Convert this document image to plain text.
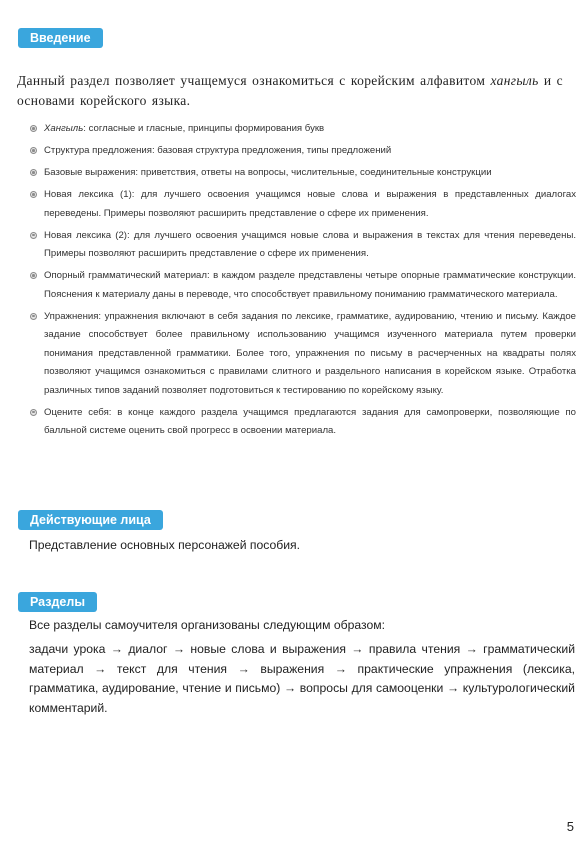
Введение

Данный раздел позволяет учащемуся ознакомиться с корейским алфавитом хангыль и с основами корейского языка.

Хангыль: согласные и гласные, принципы формирования букв
Структура предложения: базовая структура предложения, типы предложений
Базовые выражения: приветствия, ответы на вопросы, числительные, соединительные конструкции
Новая лексика (1): для лучшего освоения учащимся новые слова и выражения в представленных диалогах переведены. Примеры позволяют расширить представление о сфере их применения.
Новая лексика (2): для лучшего освоения учащимся новые слова и выражения в текстах для чтения переведены. Примеры позволяют расширить представление о сфере их применения.
Опорный грамматический материал: в каждом разделе представлены четыре опорные грамматические конструкции. Пояснения к материалу даны в переводе, что способствует правильному пониманию грамматического материала.
Упражнения: упражнения включают в себя задания по лексике, грамматике, аудированию, чтению и письму. Каждое задание способствует более правильному использованию учащимся изученного материала путем проверки понимания представленной грамматики. Более того, упражнения по письму в расчерченных на квадраты полях позволяют учащимся ознакомиться с правилами слитного и раздельного написания в корейском языке. Отработка различных типов заданий позволяет подготовиться к тестированию по корейскому языку.
Оцените себя: в конце каждого раздела учащимся предлагаются задания для самопроверки, позволяющие по балльной системе оценить свой прогресс в освоении материала.
Действующие лица

Представление основных персонажей пособия.

Разделы

Все разделы самоучителя организованы следующим образом:

задачи урока → диалог → новые слова и выражения → правила чтения → грамматический материал → текст для чтения → выражения → практические упражнения (лексика, грамматика, аудирование, чтение и письмо) → вопросы для самооценки → культурологический комментарий.

5
